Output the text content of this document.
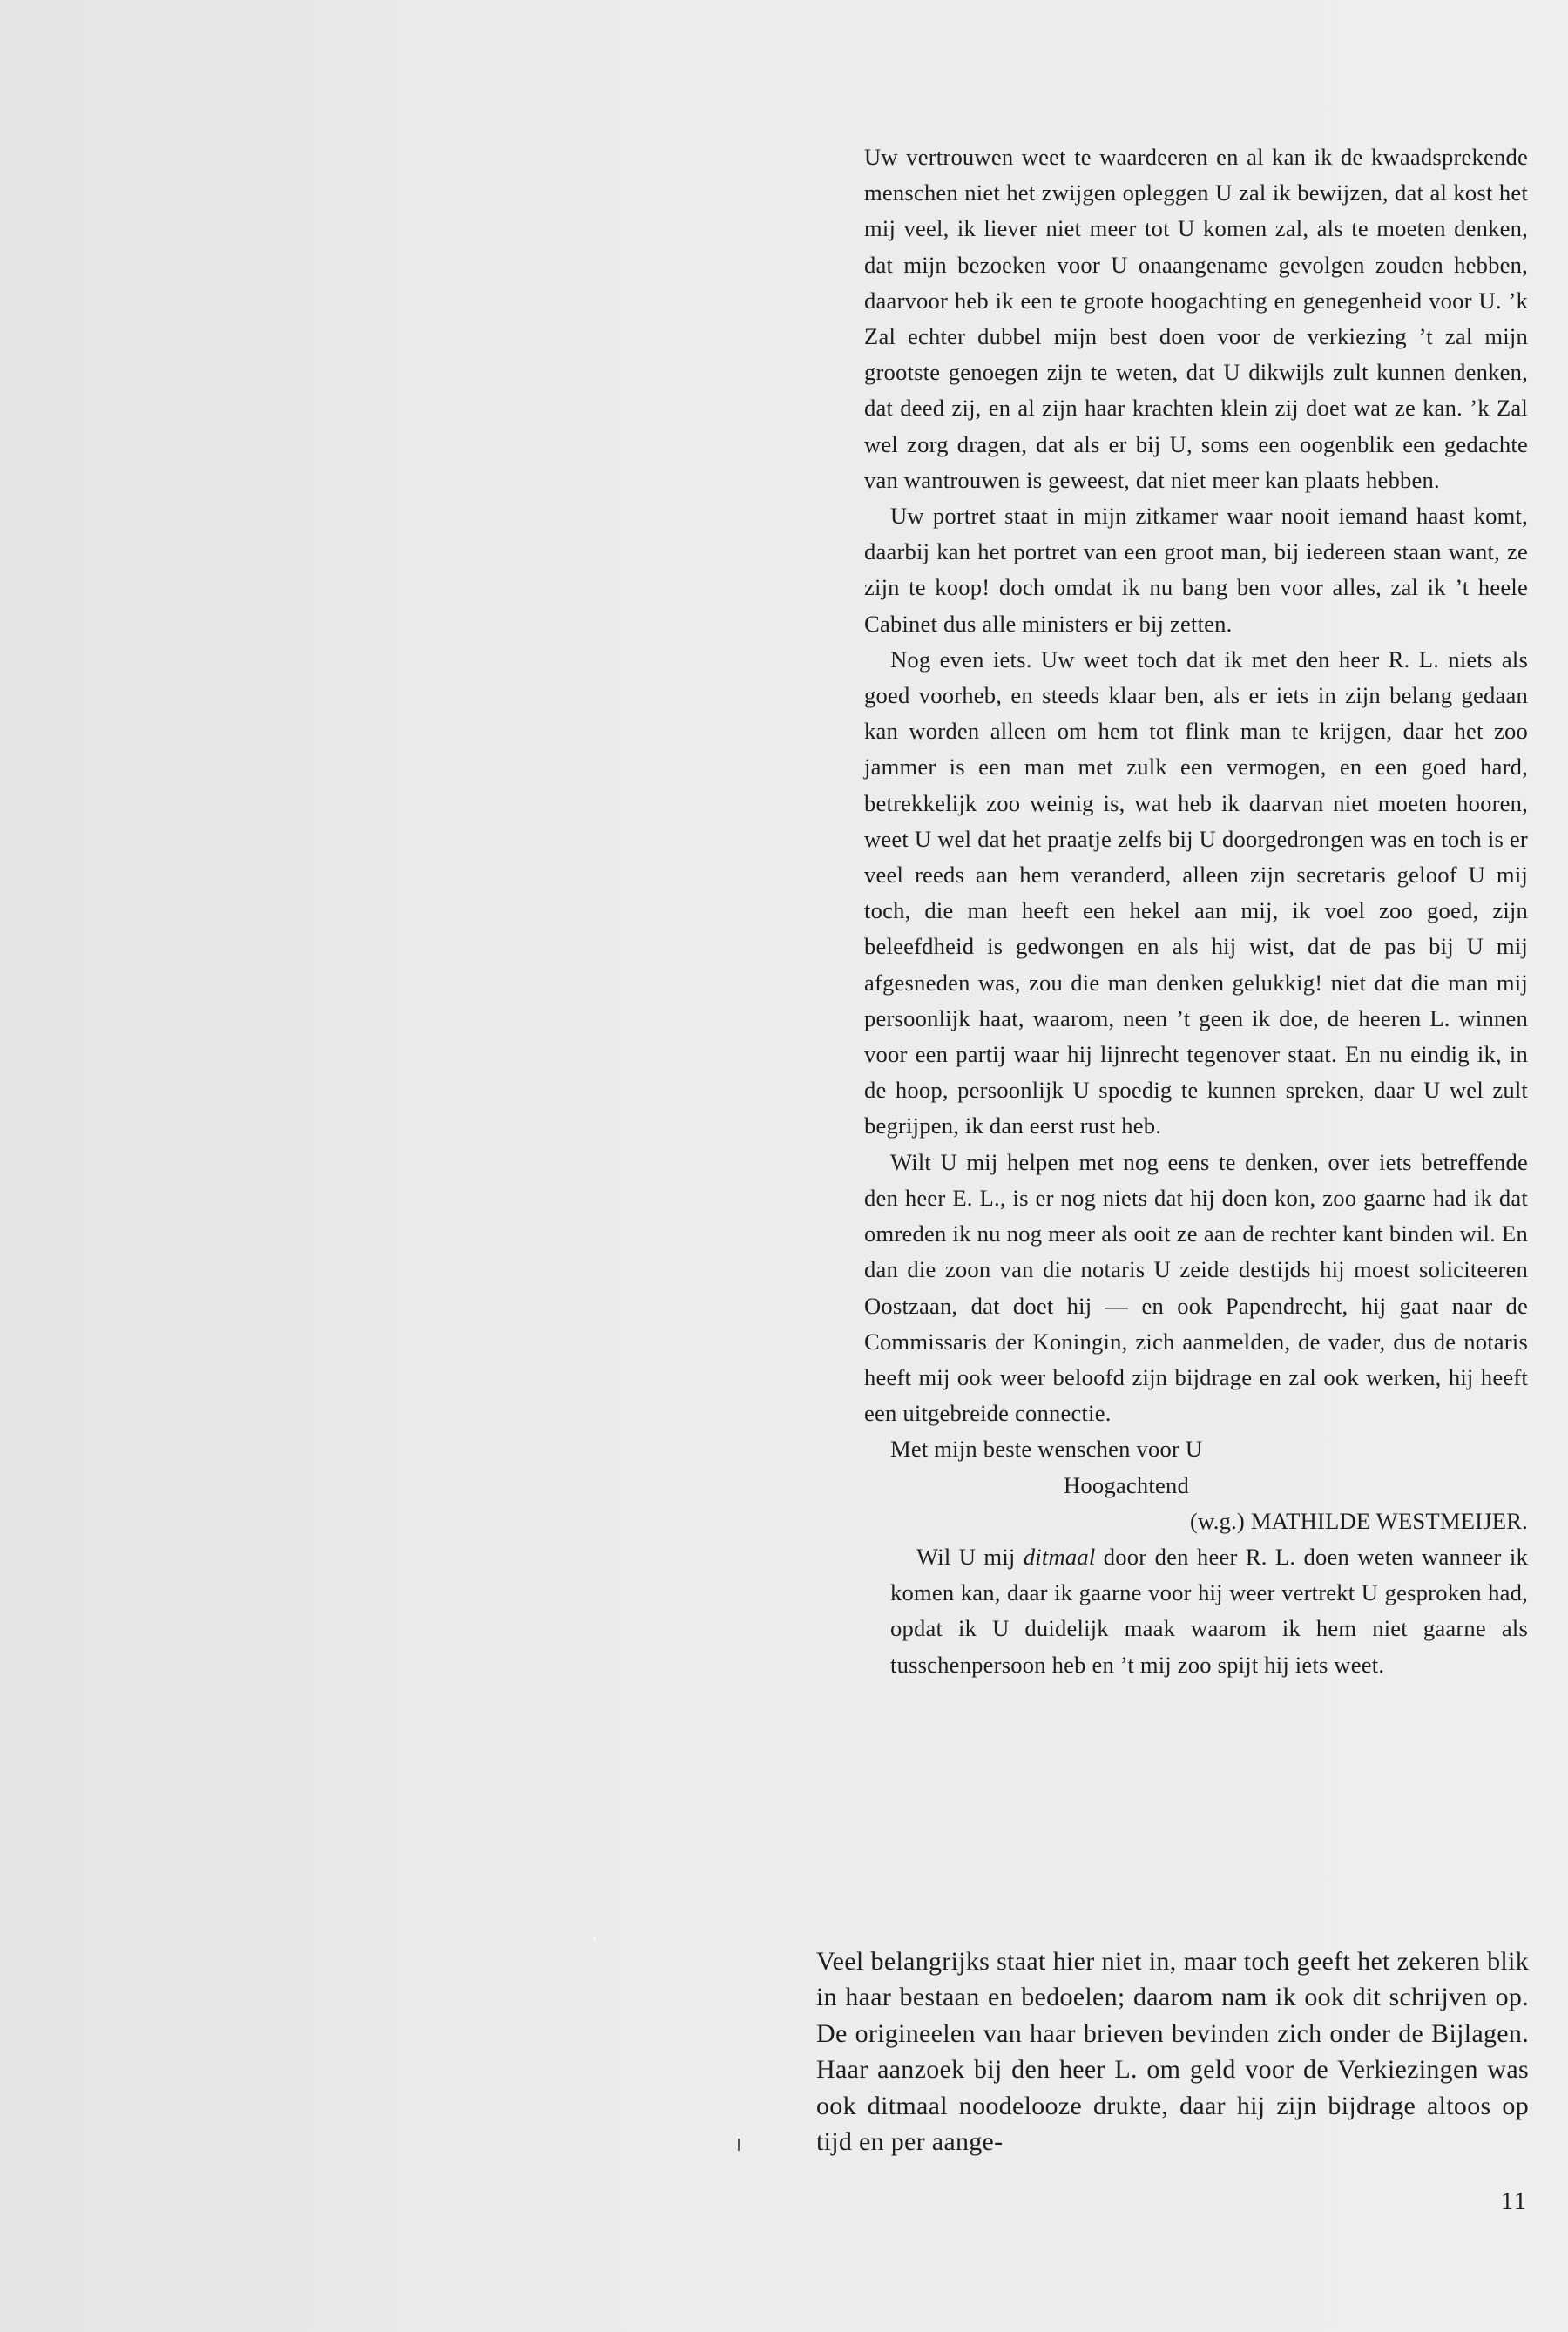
Uw vertrouwen weet te waardeeren en al kan ik de kwaadsprekende menschen niet het zwijgen opleggen U zal ik bewijzen, dat al kost het mij veel, ik liever niet meer tot U komen zal, als te moeten denken, dat mijn bezoeken voor U onaangename gevolgen zouden hebben, daarvoor heb ik een te groote hoogachting en genegenheid voor U. ’k Zal echter dubbel mijn best doen voor de verkiezing ’t zal mijn grootste genoegen zijn te weten, dat U dikwijls zult kunnen denken, dat deed zij, en al zijn haar krachten klein zij doet wat ze kan. ’k Zal wel zorg dragen, dat als er bij U, soms een oogenblik een gedachte van wantrouwen is geweest, dat niet meer kan plaats hebben.

Uw portret staat in mijn zitkamer waar nooit iemand haast komt, daarbij kan het portret van een groot man, bij iedereen staan want, ze zijn te koop! doch omdat ik nu bang ben voor alles, zal ik ’t heele Cabinet dus alle ministers er bij zetten.

Nog even iets. Uw weet toch dat ik met den heer R. L. niets als goed voorheb, en steeds klaar ben, als er iets in zijn belang gedaan kan worden alleen om hem tot flink man te krijgen, daar het zoo jammer is een man met zulk een vermogen, en een goed hard, betrekkelijk zoo weinig is, wat heb ik daarvan niet moeten hooren, weet U wel dat het praatje zelfs bij U doorgedrongen was en toch is er veel reeds aan hem veranderd, alleen zijn secretaris geloof U mij toch, die man heeft een hekel aan mij, ik voel zoo goed, zijn beleefdheid is gedwongen en als hij wist, dat de pas bij U mij afgesneden was, zou die man denken gelukkig! niet dat die man mij persoonlijk haat, waarom, neen ’t geen ik doe, de heeren L. winnen voor een partij waar hij lijnrecht tegenover staat. En nu eindig ik, in de hoop, persoonlijk U spoedig te kunnen spreken, daar U wel zult begrijpen, ik dan eerst rust heb.

Wilt U mij helpen met nog eens te denken, over iets betreffende den heer E. L., is er nog niets dat hij doen kon, zoo gaarne had ik dat omreden ik nu nog meer als ooit ze aan de rechter kant binden wil. En dan die zoon van die notaris U zeide destijds hij moest soliciteeren Oostzaan, dat doet hij — en ook Papendrecht, hij gaat naar de Commissaris der Koningin, zich aanmelden, de vader, dus de notaris heeft mij ook weer beloofd zijn bijdrage en zal ook werken, hij heeft een uitgebreide connectie.

Met mijn beste wenschen voor U

Hoogachtend

(w.g.) MATHILDE WESTMEIJER.

Wil U mij ditmaal door den heer R. L. doen weten wanneer ik komen kan, daar ik gaarne voor hij weer vertrekt U gesproken had, opdat ik U duidelijk maak waarom ik hem niet gaarne als tusschenpersoon heb en ’t mij zoo spijt hij iets weet.

Veel belangrijks staat hier niet in, maar toch geeft het zekeren blik in haar bestaan en bedoelen; daarom nam ik ook dit schrijven op. De origineelen van haar brieven bevinden zich onder de Bijlagen. Haar aanzoek bij den heer L. om geld voor de Verkiezingen was ook ditmaal noodelooze drukte, daar hij zijn bijdrage altoos op tijd en per aange-

11
